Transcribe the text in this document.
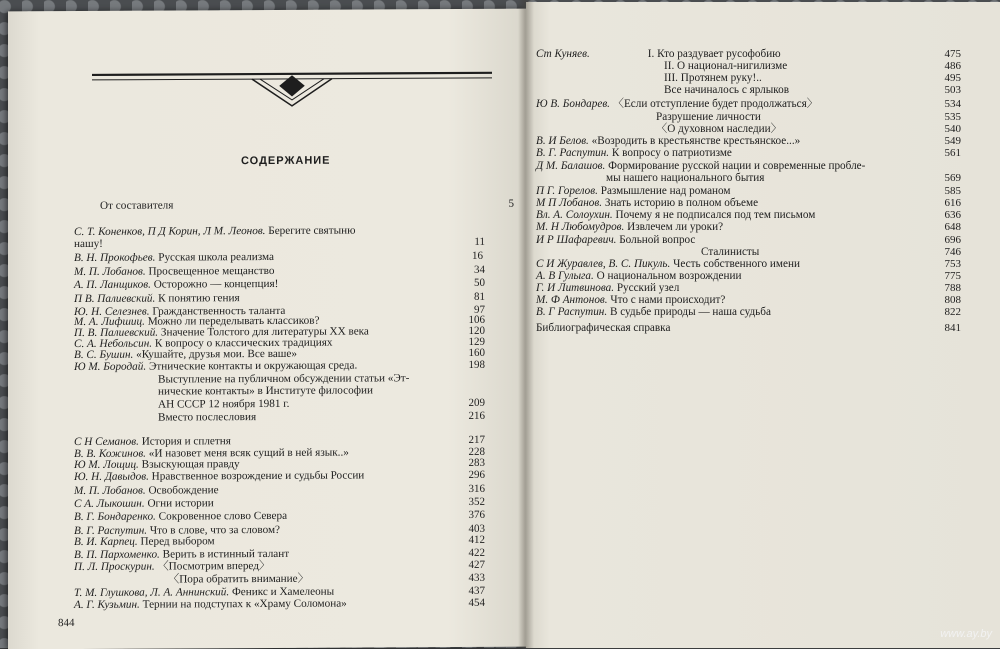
СОДЕРЖАНИЕ
От составителя	5
С. Т. Коненков, П Д Корин, Л М. Леонов. Берегите святыню
нашу!	11
В. Н. Прокофьев. Русская школа реализма	16
М. П. Лобанов. Просвещенное мещанство	34
А. П. Ланщиков. Осторожно — концепция!	50
П В. Палиевский. К понятию гения	81
Ю. Н. Селезнев. Гражданственность таланта	97
М. А. Лифшиц. Можно ли переделывать классиков?	106
П. В. Палиевский. Значение Толстого для литературы XX века	120
С. А. Небольсин. К вопросу о классических традициях	129
В. С. Бушин. «Кушайте, друзья мои. Все ваше»	160
Ю М. Бородай. Этнические контакты и окружающая среда.	198
Выступление на публичном обсуждении статьи «Эт-
нические контакты» в Институте философии
АН СССР 12 ноября 1981 г.	209
Вместо послесловия	216
С Н Семанов. История и сплетня	217
В. В. Кожинов. «И назовет меня всяк сущий в ней язык..»	228
Ю М. Лощиц. Взыскующая правду	283
Ю. Н. Давыдов. Нравственное возрождение и судьбы России	296
М. П. Лобанов. Освобождение	316
С А. Лыкошин. Огни истории	352
В. Г. Бондаренко. Сокровенное слово Севера	376
В. Г. Распутин. Что в слове, что за словом?	403
В. И. Карпец. Перед выбором	412
В. П. Пархоменко. Верить в истинный талант	422
П. Л. Проскурин. 〈Посмотрим вперед〉	427
〈Пора обратить внимание〉	433
Т. М. Глушкова, Л. А. Аннинский. Феникс и Хамелеоны	437
А. Г. Кузьмин. Тернии на подступах к «Храму Соломона»	454
844
Ст Куняев.	I. Кто раздувает русофобию	475
II. О национал-нигилизме	486
III. Протянем руку!..	495
Все начиналось с ярлыков	503
Ю В. Бондарев. 〈Если отступление будет продолжаться〉	534
Разрушение личности	535
〈О духовном наследии〉	540
В. И Белов. «Возродить в крестьянстве крестьянское...»	549
В. Г. Распутин. К вопросу о патриотизме	561
Д М. Балашов. Формирование русской нации и современные пробле-
мы нашего национального бытия	569
П Г. Горелов. Размышление над романом	585
М П Лобанов. Знать историю в полном объеме	616
Вл. А. Солоухин. Почему я не подписался под тем письмом	636
М. Н Любомудров. Извлечем ли уроки?	648
И Р Шафаревич. Больной вопрос	696
Сталинисты	746
С И Журавлев, В. С. Пикуль. Честь собственного имени	753
А. В Гулыга. О национальном возрождении	775
Г. И Литвинова. Русский узел	788
М. Ф Антонов. Что с нами происходит?	808
В. Г Распутин. В судьбе природы — наша судьба	822
Библиографическая справка	841
www.ay.by
